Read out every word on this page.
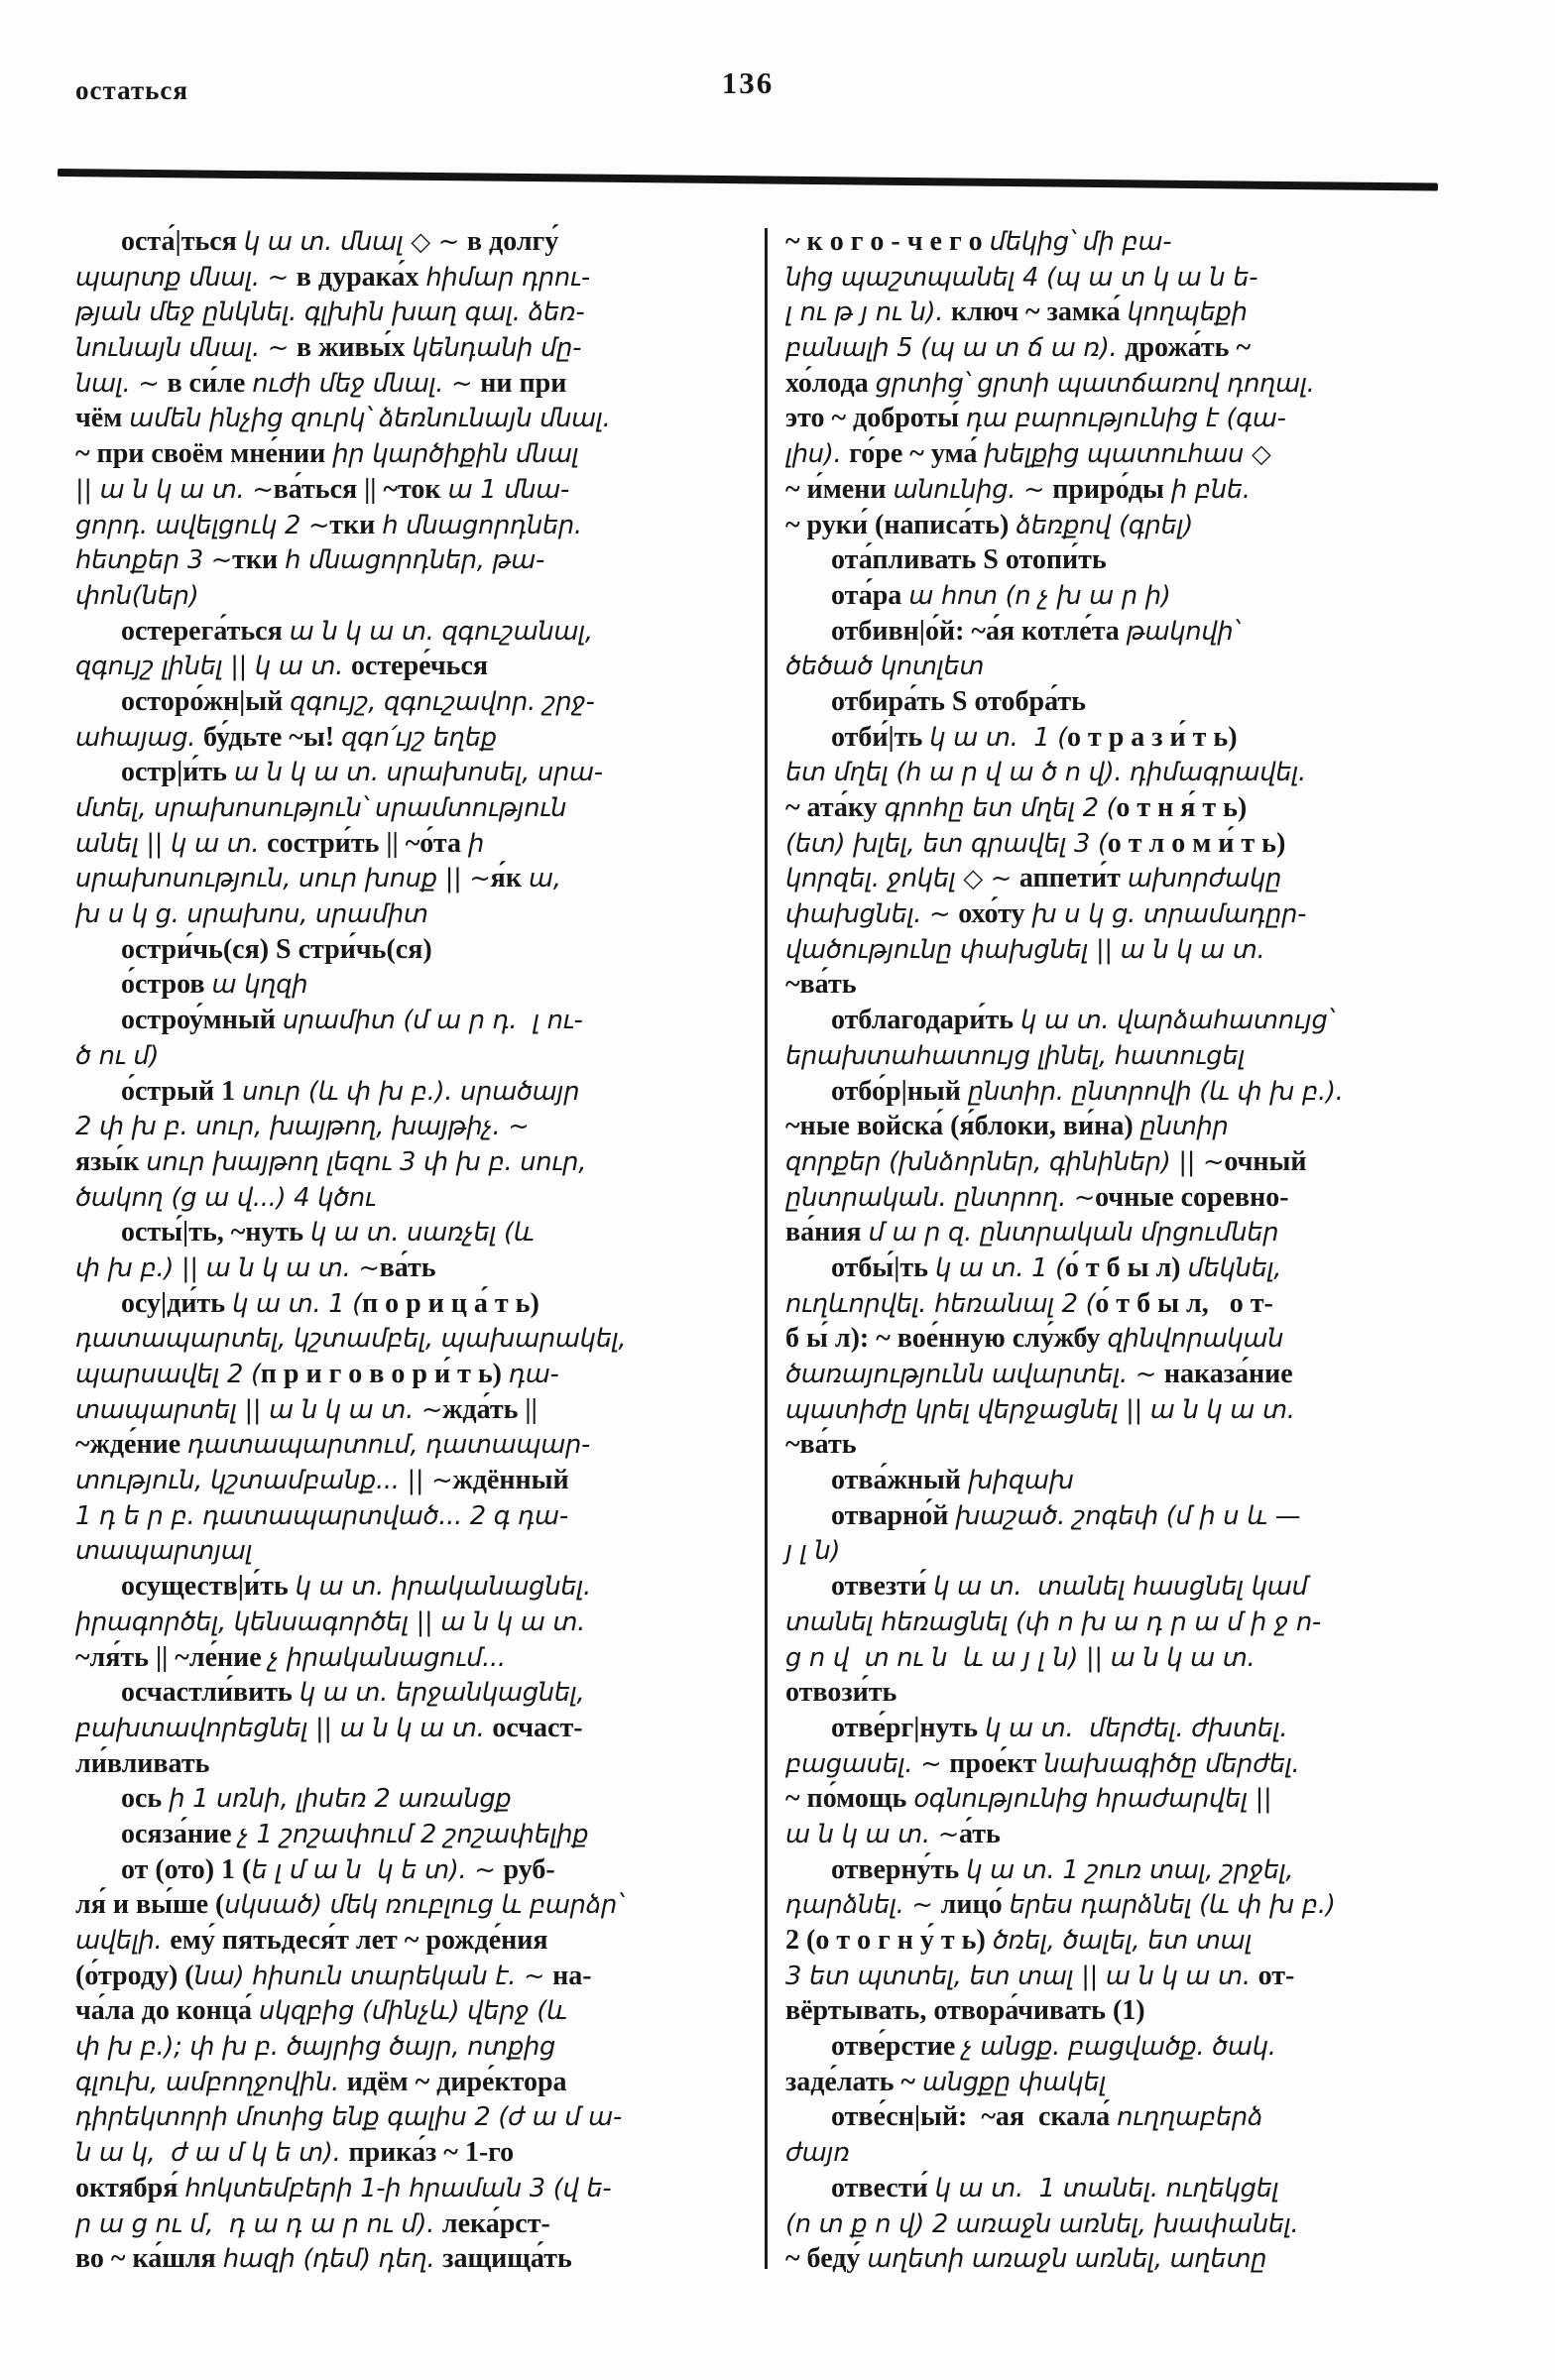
остаться	136
оста́|ться կ ա տ. մնալ ◇ ~ в долгу́
պարտք մնալ. ~ в дурака́х հիմար դրու-
թյան մեջ ընկնել. գլխին խաղ գալ. ձեռ-
նունայն մնալ. ~ в живы́х կենդանի մը-
նալ. ~ в си́ле ուժի մեջ մնալ. ~ ни при
чём ամեն ինչից զուրկ՝ ձեռնունայն մնալ.
~ при своём мне́нии իր կարծիքին մնալ
|| ա ն կ ա տ. ~ва́ться || ~ток ա 1 մնա-
ցորդ. ավելցուկ 2 ~тки հ մնացորդներ.
հետքեր 3 ~тки հ մնացորդներ, թա-
փոն(ներ)
остерега́ться ա ն կ ա տ. զգուշանալ,
զգույշ լինել || կ ա տ. остере́чься
осторо́жн|ый զգույշ, զգուշավոր. շրջ-
ահայաց. бу́дьте ~ы! զգո՛ւյշ եղեք
остр|и́ть ա ն կ ա տ. սրախոսել, սրա-
մտել, սրախոսություն՝ սրամտություն
անել || կ ա տ. состри́ть || ~о́та ի
սրախոսություն, սուր խոսք || ~я́к ա,
խ ս կ ց. սրախոս, սրամիտ
остри́чь(ся) S стри́чь(ся)
о́стров ա կղզի
остроу́мный սրամիտ (մ ա ր դ.  լ ու-
ծ ու մ)
о́стрый 1 սուր (և փ խ բ.). սրածայր
2 փ խ բ. սուր, խայթող, խայթիչ. ~
язы́к սուր խայթող լեզու 3 փ խ բ. սուր,
ծակող (ց ա վ...) 4 կծու
осты́|ть, ~нуть կ ա տ. սառչել (և
փ խ բ.) || ա ն կ ա տ. ~ва́ть
осу|ди́ть կ ա տ. 1 (п о р и ц а́ т ь)
դատապարտել, կշտամբել, պախարակել,
պարսավել 2 (п р и г о в о р и́ т ь) դա-
տապարտել || ա ն կ ա տ. ~жда́ть ||
~жде́ние դատապարտում, դատապար-
տություն, կշտամբանք... || ~ждённый
1 դ ե ր բ. դատապարտված... 2 գ դա-
տապարտյալ
осуществ|и́ть կ ա տ. իրականացնել.
իրագործել, կենսագործել || ա ն կ ա տ.
~ля́ть || ~ле́ние չ իրականացում...
осчастли́вить կ ա տ. երջանկացնել,
բախտավորեցնել || ա ն կ ա տ. осчаст-
ли́вливать
ось ի 1 սռնի, լիսեռ 2 առանցք
осяза́ние չ 1 շոշափում 2 շոշափելիք
от (ото) 1 (ե լ մ ա ն  կ ե տ). ~ руб-
ля́ и вы́ше (սկսած) մեկ ռուբլուց և բարձր՝
ավելի. ему́ пятьдеся́т лет ~ рожде́ния
(о́троду) (նա) հիսուն տարեկան է. ~ на-
ча́ла до конца́ սկզբից (մինչև) վերջ (և
փ խ բ.); փ խ բ. ծայրից ծայր, ոտքից
գլուխ, ամբողջովին. идём ~ дире́ктора
դիրեկտորի մոտից ենք գալիս 2 (ժ ա մ ա-
ն ա կ,  ժ ա մ կ ե տ). прика́з ~ 1-го
октября́ հոկտեմբերի 1-ի հրաման 3 (վ ե-
ր ա ց ու մ,  դ ա դ ա ր ու մ). лека́рст-
во ~ ка́шля հազի (դեմ) դեղ. защища́ть
~ к о г о - ч е г о մեկից՝ մի բա-
նից պաշտպանել 4 (պ ա տ կ ա ն ե-
լ ու թ յ ու ն). ключ ~ замка́ կողպեքի
բանալի 5 (պ ա տ ճ ա ռ). дрожа́ть ~
хо́лода ցրտից՝ ցրտի պատճառով դողալ.
это ~ доброты́ դա բարությունից է (գա-
լիս). го́ре ~ ума́ խելքից պատուհաս ◇
~ и́мени անունից. ~ приро́ды ի բնե.
~ руки́ (написа́ть) ձեռքով (գրել)
ота́пливать S отопи́ть
ота́ра ա հոտ (ո չ խ ա ր ի)
отбивн|о́й: ~а́я котле́та թակովի՝
ծեծած կոտլետ
отбира́ть S отобра́ть
отби́|ть կ ա տ.  1 (о т р а з и́ т ь)
ետ մղել (հ ա ր վ ա ծ ո վ). դիմագրավել.
~ ата́ку գրոհը ետ մղել 2 (о т н я́ т ь)
(ետ) խլել, ետ գրավել 3 (о т л о м и́ т ь)
կորզել. ջոկել ◇ ~ аппети́т ախորժակը
փախցնել. ~ охо́ту խ ս կ ց. տրամադըր-
վածությունը փախցնել || ա ն կ ա տ.
~ва́ть
отблагодари́ть կ ա տ. վարձահատույց՝
երախտահատույց լինել, հատուցել
отбо́р|ный ընտիր. ընտրովի (և փ խ բ.).
~ные войска́ (я́блоки, ви́на) ընտիր
զորքեր (խնձորներ, գինիներ) || ~очный
ընտրական. ընտրող. ~очные соревно-
ва́ния մ ա ր զ. ընտրական մրցումներ
отбы́|ть կ ա տ. 1 (о́ т б ы л) մեկնել,
ուղևորվել. հեռանալ 2 (о́ т б ы л,   о т-
б ы́ л): ~ вое́нную слу́жбу զինվորական
ծառայությունն ավարտել. ~ наказа́ние
պատիժը կրել վերջացնել || ա ն կ ա տ.
~ва́ть
отва́жный խիզախ
отварно́й խաշած. շոգեփ (մ ի ս և —
յ լ ն)
отвезти́ կ ա տ.  տանել հասցնել կամ
տանել հեռացնել (փ ո խ ա դ ր ա մ ի ջ ո-
ց ո վ  տ ու ն  և ա յ լ ն) || ա ն կ ա տ.
отвози́ть
отве́рг|нуть կ ա տ.  մերժել. ժխտել.
բացասել. ~ прое́кт նախագիծը մերժել.
~ по́мощь օգնությունից հրաժարվել ||
ա ն կ ա տ. ~а́ть
отверну́ть կ ա տ. 1 շուռ տալ, շրջել,
դարձնել. ~ лицо́ երես դարձնել (և փ խ բ.)
2 (о т о г н у́ т ь) ծռել, ծալել, ետ տալ
3 ետ պտտել, ետ տալ || ա ն կ ա տ. от-
вёртывать, отвора́чивать (1)
отве́рстие չ անցք. բացվածք. ծակ.
заде́лать ~ անցքը փակել
отве́сн|ый:  ~ая  скала́ ուղղաբերձ
ժայռ
отвести́ կ ա տ.  1 տանել. ուղեկցել
(ո տ ք ո վ) 2 առաջն առնել, խափանել.
~ беду́ աղետի առաջն առնել, աղետը
